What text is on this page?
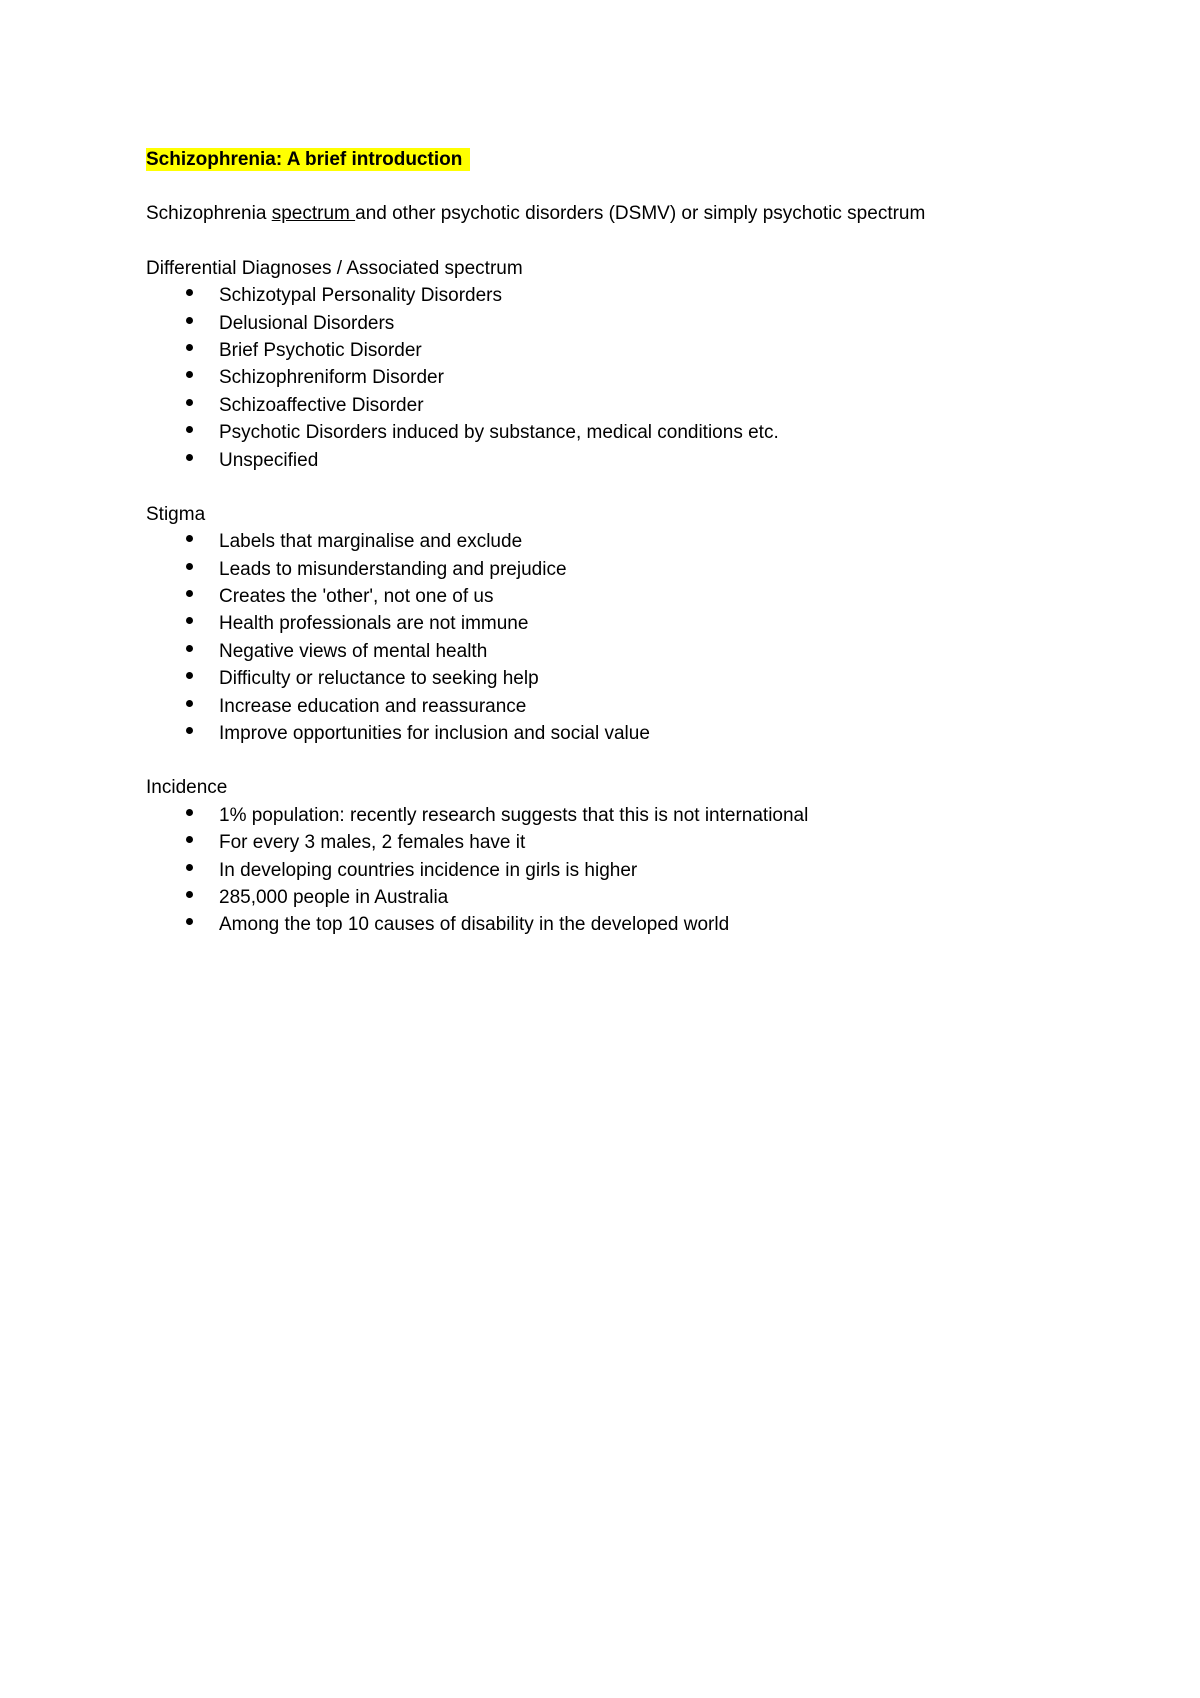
Schizophrenia: A brief introduction

Schizophrenia spectrum and other psychotic disorders (DSMV) or simply psychotic spectrum

Differential Diagnoses / Associated spectrum

Schizotypal Personality Disorders
Delusional Disorders
Brief Psychotic Disorder
Schizophreniform Disorder
Schizoaffective Disorder
Psychotic Disorders induced by substance, medical conditions etc.
Unspecified

Stigma

Labels that marginalise and exclude
Leads to misunderstanding and prejudice
Creates the 'other', not one of us
Health professionals are not immune
Negative views of mental health
Difficulty or reluctance to seeking help
Increase education and reassurance
Improve opportunities for inclusion and social value

Incidence

1% population: recently research suggests that this is not international
For every 3 males, 2 females have it
In developing countries incidence in girls is higher
285,000 people in Australia
Among the top 10 causes of disability in the developed world
